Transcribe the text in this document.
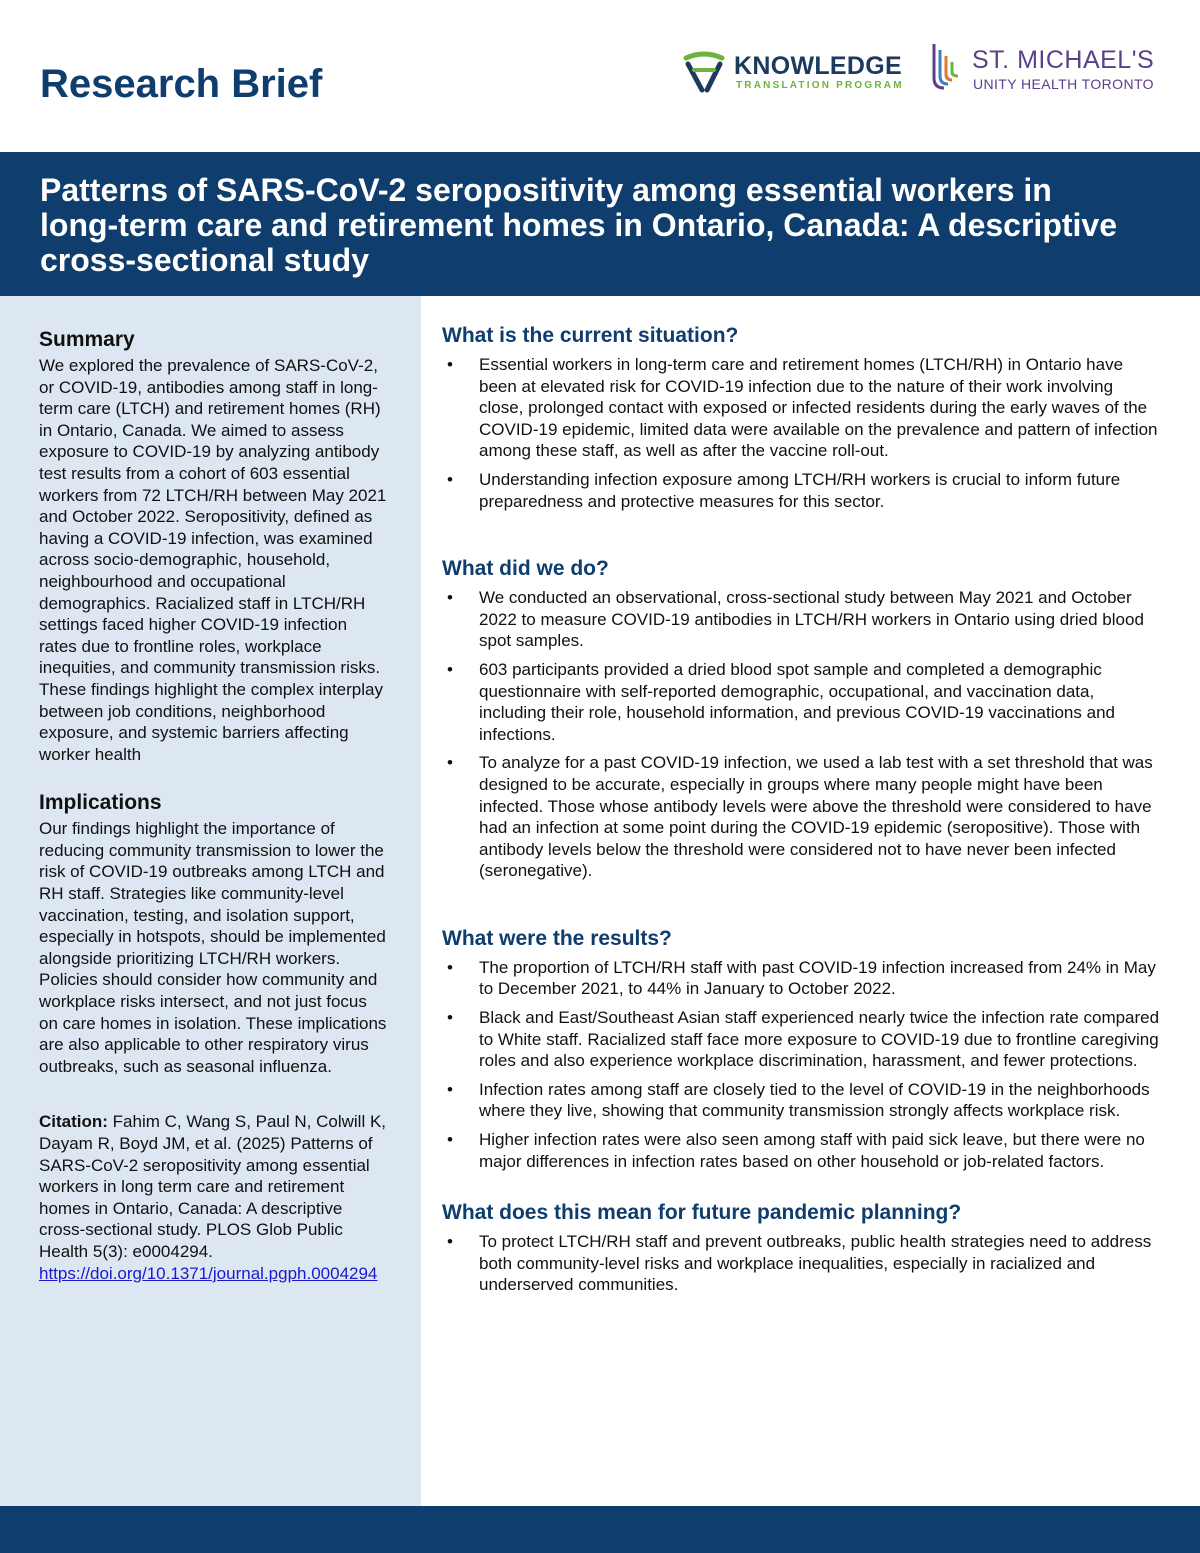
Research Brief	KNOWLEDGE
TRANSLATION PROGRAM
ST. MICHAEL'S
UNITY HEALTH TORONTO
Patterns of SARS-CoV-2 seropositivity among essential workers in long-term care and retirement homes in Ontario, Canada: A descriptive cross-sectional study
Summary

We explored the prevalence of SARS-CoV-2, or COVID-19, antibodies among staff in long-term care (LTCH) and retirement homes (RH) in Ontario, Canada. We aimed to assess exposure to COVID-19 by analyzing antibody test results from a cohort of 603 essential workers from 72 LTCH/RH between May 2021 and October 2022. Seropositivity, defined as having a COVID-19 infection, was examined across socio-demographic, household, neighbourhood and occupational demographics. Racialized staff in LTCH/RH settings faced higher COVID-19 infection rates due to frontline roles, workplace inequities, and community transmission risks. These findings highlight the complex interplay between job conditions, neighborhood exposure, and systemic barriers affecting worker health

Implications

Our findings highlight the importance of reducing community transmission to lower the risk of COVID-19 outbreaks among LTCH and RH staff. Strategies like community-level vaccination, testing, and isolation support, especially in hotspots, should be implemented alongside prioritizing LTCH/RH workers. Policies should consider how community and workplace risks intersect, and not just focus on care homes in isolation. These implications are also applicable to other respiratory virus outbreaks, such as seasonal influenza.

Citation: Fahim C, Wang S, Paul N, Colwill K, Dayam R, Boyd JM, et al. (2025) Patterns of SARS-CoV-2 seropositivity among essential workers in long term care and retirement homes in Ontario, Canada: A descriptive cross-sectional study. PLOS Glob Public Health 5(3): e0004294.
https://doi.org/10.1371/journal.pgph.0004294

What is the current situation?
• Essential workers in long-term care and retirement homes (LTCH/RH) in Ontario have been at elevated risk for COVID-19 infection due to the nature of their work involving close, prolonged contact with exposed or infected residents during the early waves of the COVID-19 epidemic, limited data were available on the prevalence and pattern of infection among these staff, as well as after the vaccine roll-out.
• Understanding infection exposure among LTCH/RH workers is crucial to inform future preparedness and protective measures for this sector.
What did we do?
• We conducted an observational, cross-sectional study between May 2021 and October 2022 to measure COVID-19 antibodies in LTCH/RH workers in Ontario using dried blood spot samples.
• 603 participants provided a dried blood spot sample and completed a demographic questionnaire with self-reported demographic, occupational, and vaccination data, including their role, household information, and previous COVID-19 vaccinations and infections.
• To analyze for a past COVID-19 infection, we used a lab test with a set threshold that was designed to be accurate, especially in groups where many people might have been infected. Those whose antibody levels were above the threshold were considered to have had an infection at some point during the COVID-19 epidemic (seropositive). Those with antibody levels below the threshold were considered not to have never been infected (seronegative).
What were the results?
• The proportion of LTCH/RH staff with past COVID-19 infection increased from 24% in May to December 2021, to 44% in January to October 2022.
• Black and East/Southeast Asian staff experienced nearly twice the infection rate compared to White staff. Racialized staff face more exposure to COVID-19 due to frontline caregiving roles and also experience workplace discrimination, harassment, and fewer protections.
• Infection rates among staff are closely tied to the level of COVID-19 in the neighborhoods where they live, showing that community transmission strongly affects workplace risk.
• Higher infection rates were also seen among staff with paid sick leave, but there were no major differences in infection rates based on other household or job-related factors.
What does this mean for future pandemic planning?
• To protect LTCH/RH staff and prevent outbreaks, public health strategies need to address both community-level risks and workplace inequalities, especially in racialized and underserved communities.
